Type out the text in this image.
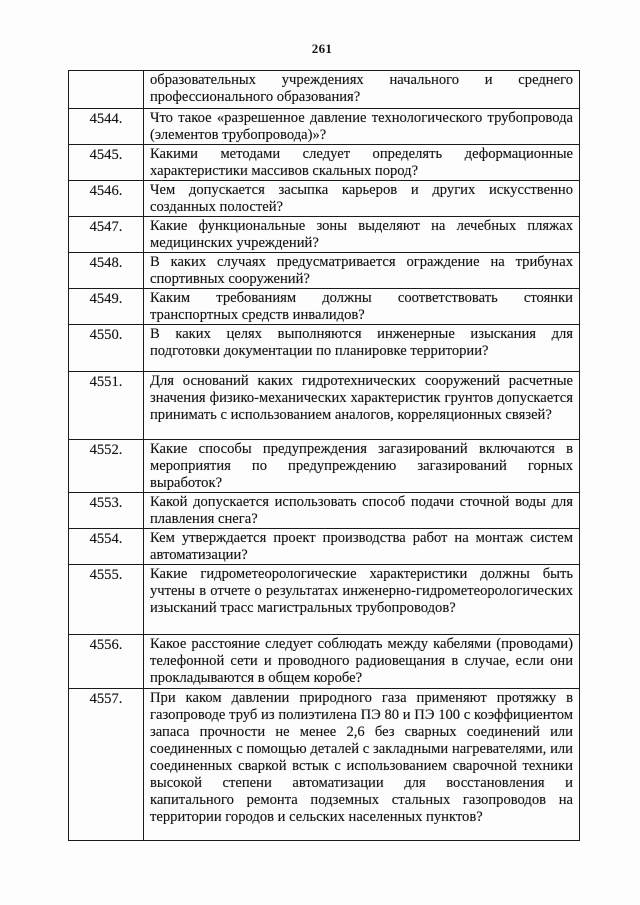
261
	образовательных учреждениях начального и среднего профессионального образования?
4544.	Что такое «разрешенное давление технологического трубопровода (элементов трубопровода)»?
4545.	Какими методами следует определять деформационные характеристики массивов скальных пород?
4546.	Чем допускается засыпка карьеров и других искусственно созданных полостей?
4547.	Какие функциональные зоны выделяют на лечебных пляжах медицинских учреждений?
4548.	В каких случаях предусматривается ограждение на трибунах спортивных сооружений?
4549.	Каким требованиям должны соответствовать стоянки транспортных средств инвалидов?
4550.	В каких целях выполняются инженерные изыскания для подготовки документации по планировке территории?
4551.	Для оснований каких гидротехнических сооружений расчетные значения физико-механических характеристик грунтов допускается принимать с использованием аналогов, корреляционных связей?
4552.	Какие способы предупреждения загазирований включаются в мероприятия по предупреждению загазирований горных выработок?
4553.	Какой допускается использовать способ подачи сточной воды для плавления снега?
4554.	Кем утверждается проект производства работ на монтаж систем автоматизации?
4555.	Какие гидрометеорологические характеристики должны быть учтены в отчете о результатах инженерно-гидрометеорологических изысканий трасс магистральных трубопроводов?
4556.	Какое расстояние следует соблюдать между кабелями (проводами) телефонной сети и проводного радиовещания в случае, если они прокладываются в общем коробе?
4557.	При каком давлении природного газа применяют протяжку в газопроводе труб из полиэтилена ПЭ 80 и ПЭ 100 с коэффициентом запаса прочности не менее 2,6 без сварных соединений или соединенных с помощью деталей с закладными нагревателями, или соединенных сваркой встык с использованием сварочной техники высокой степени автоматизации для восстановления и капитального ремонта подземных стальных газопроводов на территории городов и сельских населенных пунктов?
